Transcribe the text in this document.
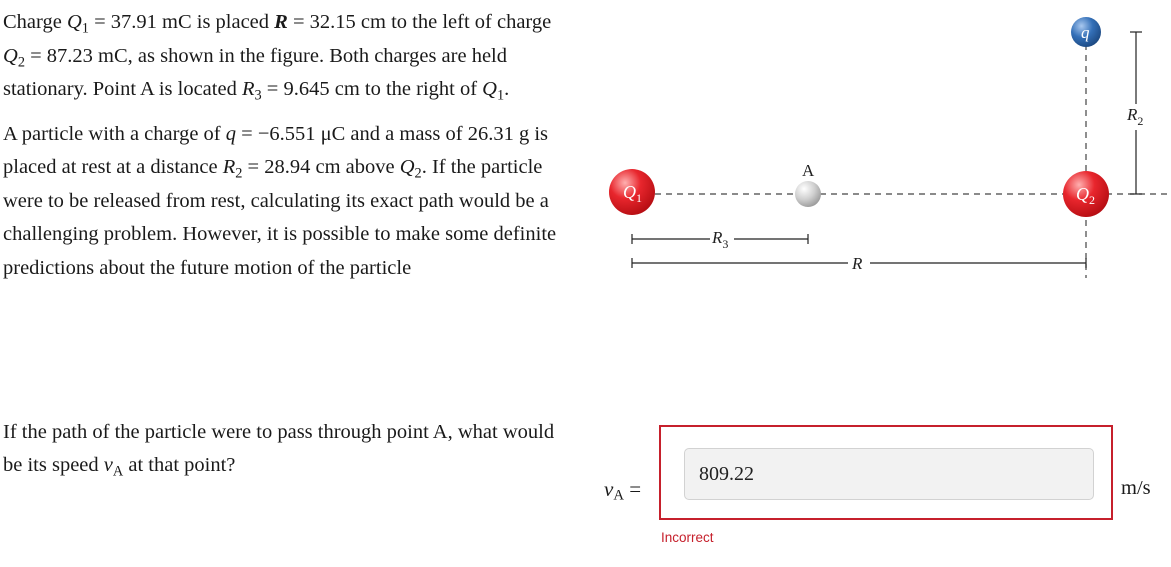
Charge $Q_1 = 37.91$ mC is placed R = 32.15 cm to the left of charge $Q_2 = 87.23$ mC, as shown in the figure. Both charges are held stationary. Point A is located $R_3 = 9.645$ cm to the right of $Q_1$.

A particle with a charge of q = −6.551 μC and a mass of 26.31 g is placed at rest at a distance $R_2 = 28.94$ cm above $Q_2$. If the particle were to be released from rest, calculating its exact path would be a challenging problem. However, it is possible to make some definite predictions about the future motion of the particle

If the path of the particle were to pass through point A, what would be its speed $v_A$ at that point?

$R_2$
$R_3$
R
$Q_1$
A
$Q_2$
q
$v_A$ =
809.22	m/s
Incorrect
